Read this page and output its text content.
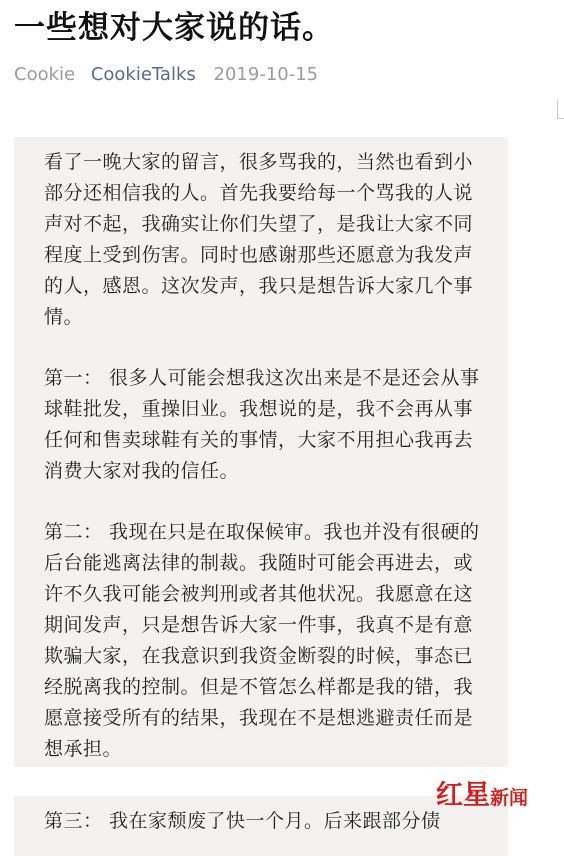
一些想对大家说的话。
Cookie CookieTalks 2019-10-15

看了一晚大家的留言，很多骂我的，当然也看到小部分还相信我的人。首先我要给每一个骂我的人说声对不起，我确实让你们失望了，是我让大家不同程度上受到伤害。同时也感谢那些还愿意为我发声的人，感恩。这次发声，我只是想告诉大家几个事情。

第一： 很多人可能会想我这次出来是不是还会从事球鞋批发，重操旧业。我想说的是，我不会再从事任何和售卖球鞋有关的事情，大家不用担心我再去消费大家对我的信任。

第二： 我现在只是在取保候审。我也并没有很硬的后台能逃离法律的制裁。我随时可能会再进去，或许不久我可能会被判刑或者其他状况。我愿意在这期间发声，只是想告诉大家一件事，我真不是有意欺骗大家，在我意识到我资金断裂的时候，事态已经脱离我的控制。但是不管怎么样都是我的错，我愿意接受所有的结果，我现在不是想逃避责任而是想承担。

第三： 我在家颓废了快一个月。后来跟部分债

红星新闻
